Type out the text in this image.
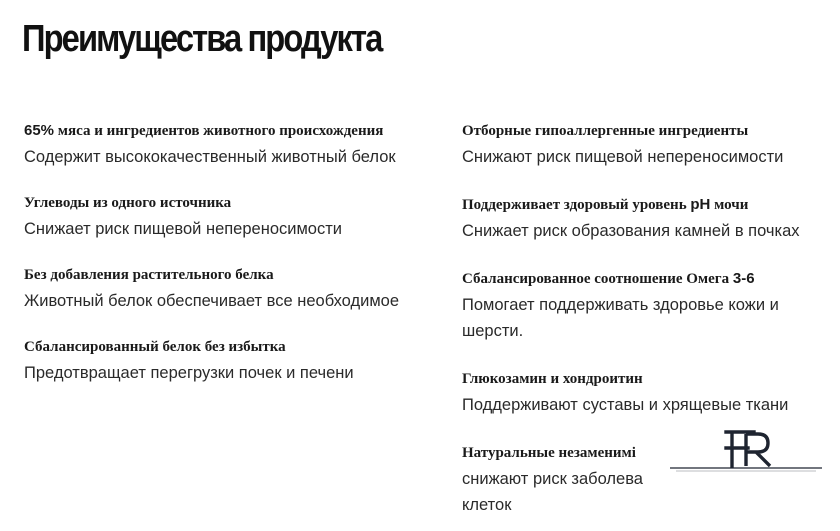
Преимущества продукта
65% мяса и ингредиентов животного происхождения
Содержит высококачественный животный белок
Углеводы из одного источника
Снижает риск пищевой непереносимости
Без добавления растительного белка
Животный белок обеспечивает все необходимое
Сбалансированный белок без избытка
Предотвращает перегрузки почек и печени
Отборные гипоаллергенные ингредиенты
Снижают риск пищевой непереносимости
Поддерживает здоровый уровень pH мочи
Снижает риск образования камней в почках
Сбалансированное соотношение Омега 3-6
Помогает поддерживать здоровье кожи и шерсти.
Глюкозамин и хондроитин
Поддерживают суставы и хрящевые ткани
Натуральные незаменимі
снижают риск заболева
клеток
